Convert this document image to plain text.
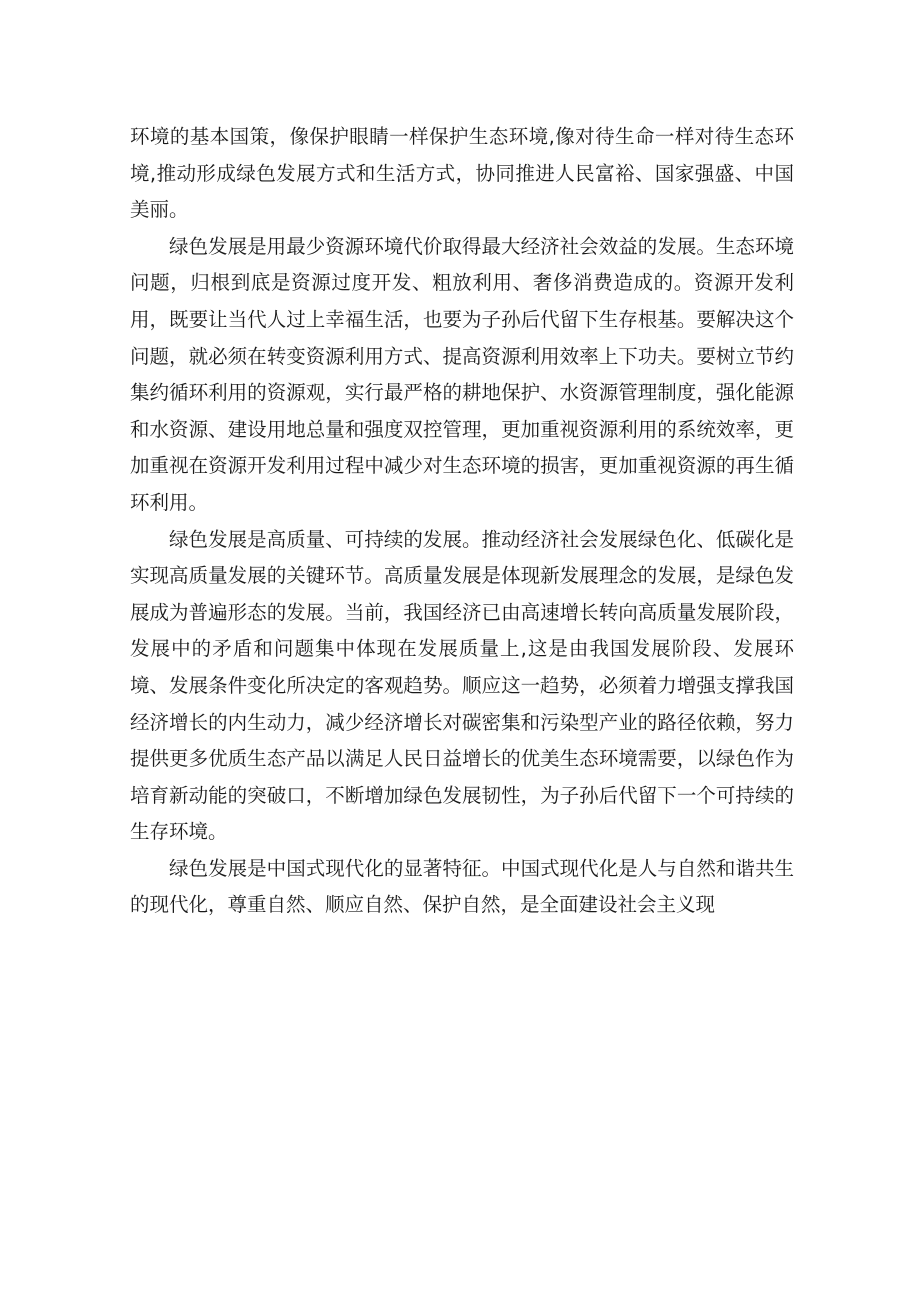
环境的基本国策，像保护眼睛一样保护生态环境,像对待生命一样对待生态环境,推动形成绿色发展方式和生活方式，协同推进人民富裕、国家强盛、中国美丽。

绿色发展是用最少资源环境代价取得最大经济社会效益的发展。生态环境问题，归根到底是资源过度开发、粗放利用、奢侈消费造成的。资源开发利用，既要让当代人过上幸福生活，也要为子孙后代留下生存根基。要解决这个问题，就必须在转变资源利用方式、提高资源利用效率上下功夫。要树立节约集约循环利用的资源观，实行最严格的耕地保护、水资源管理制度，强化能源和水资源、建设用地总量和强度双控管理，更加重视资源利用的系统效率，更加重视在资源开发利用过程中减少对生态环境的损害，更加重视资源的再生循环利用。

绿色发展是高质量、可持续的发展。推动经济社会发展绿色化、低碳化是实现高质量发展的关键环节。高质量发展是体现新发展理念的发展，是绿色发展成为普遍形态的发展。当前，我国经济已由高速增长转向高质量发展阶段，发展中的矛盾和问题集中体现在发展质量上,这是由我国发展阶段、发展环境、发展条件变化所决定的客观趋势。顺应这一趋势，必须着力增强支撑我国经济增长的内生动力，减少经济增长对碳密集和污染型产业的路径依赖，努力提供更多优质生态产品以满足人民日益增长的优美生态环境需要，以绿色作为培育新动能的突破口，不断增加绿色发展韧性，为子孙后代留下一个可持续的生存环境。

绿色发展是中国式现代化的显著特征。中国式现代化是人与自然和谐共生的现代化，尊重自然、顺应自然、保护自然，是全面建设社会主义现
